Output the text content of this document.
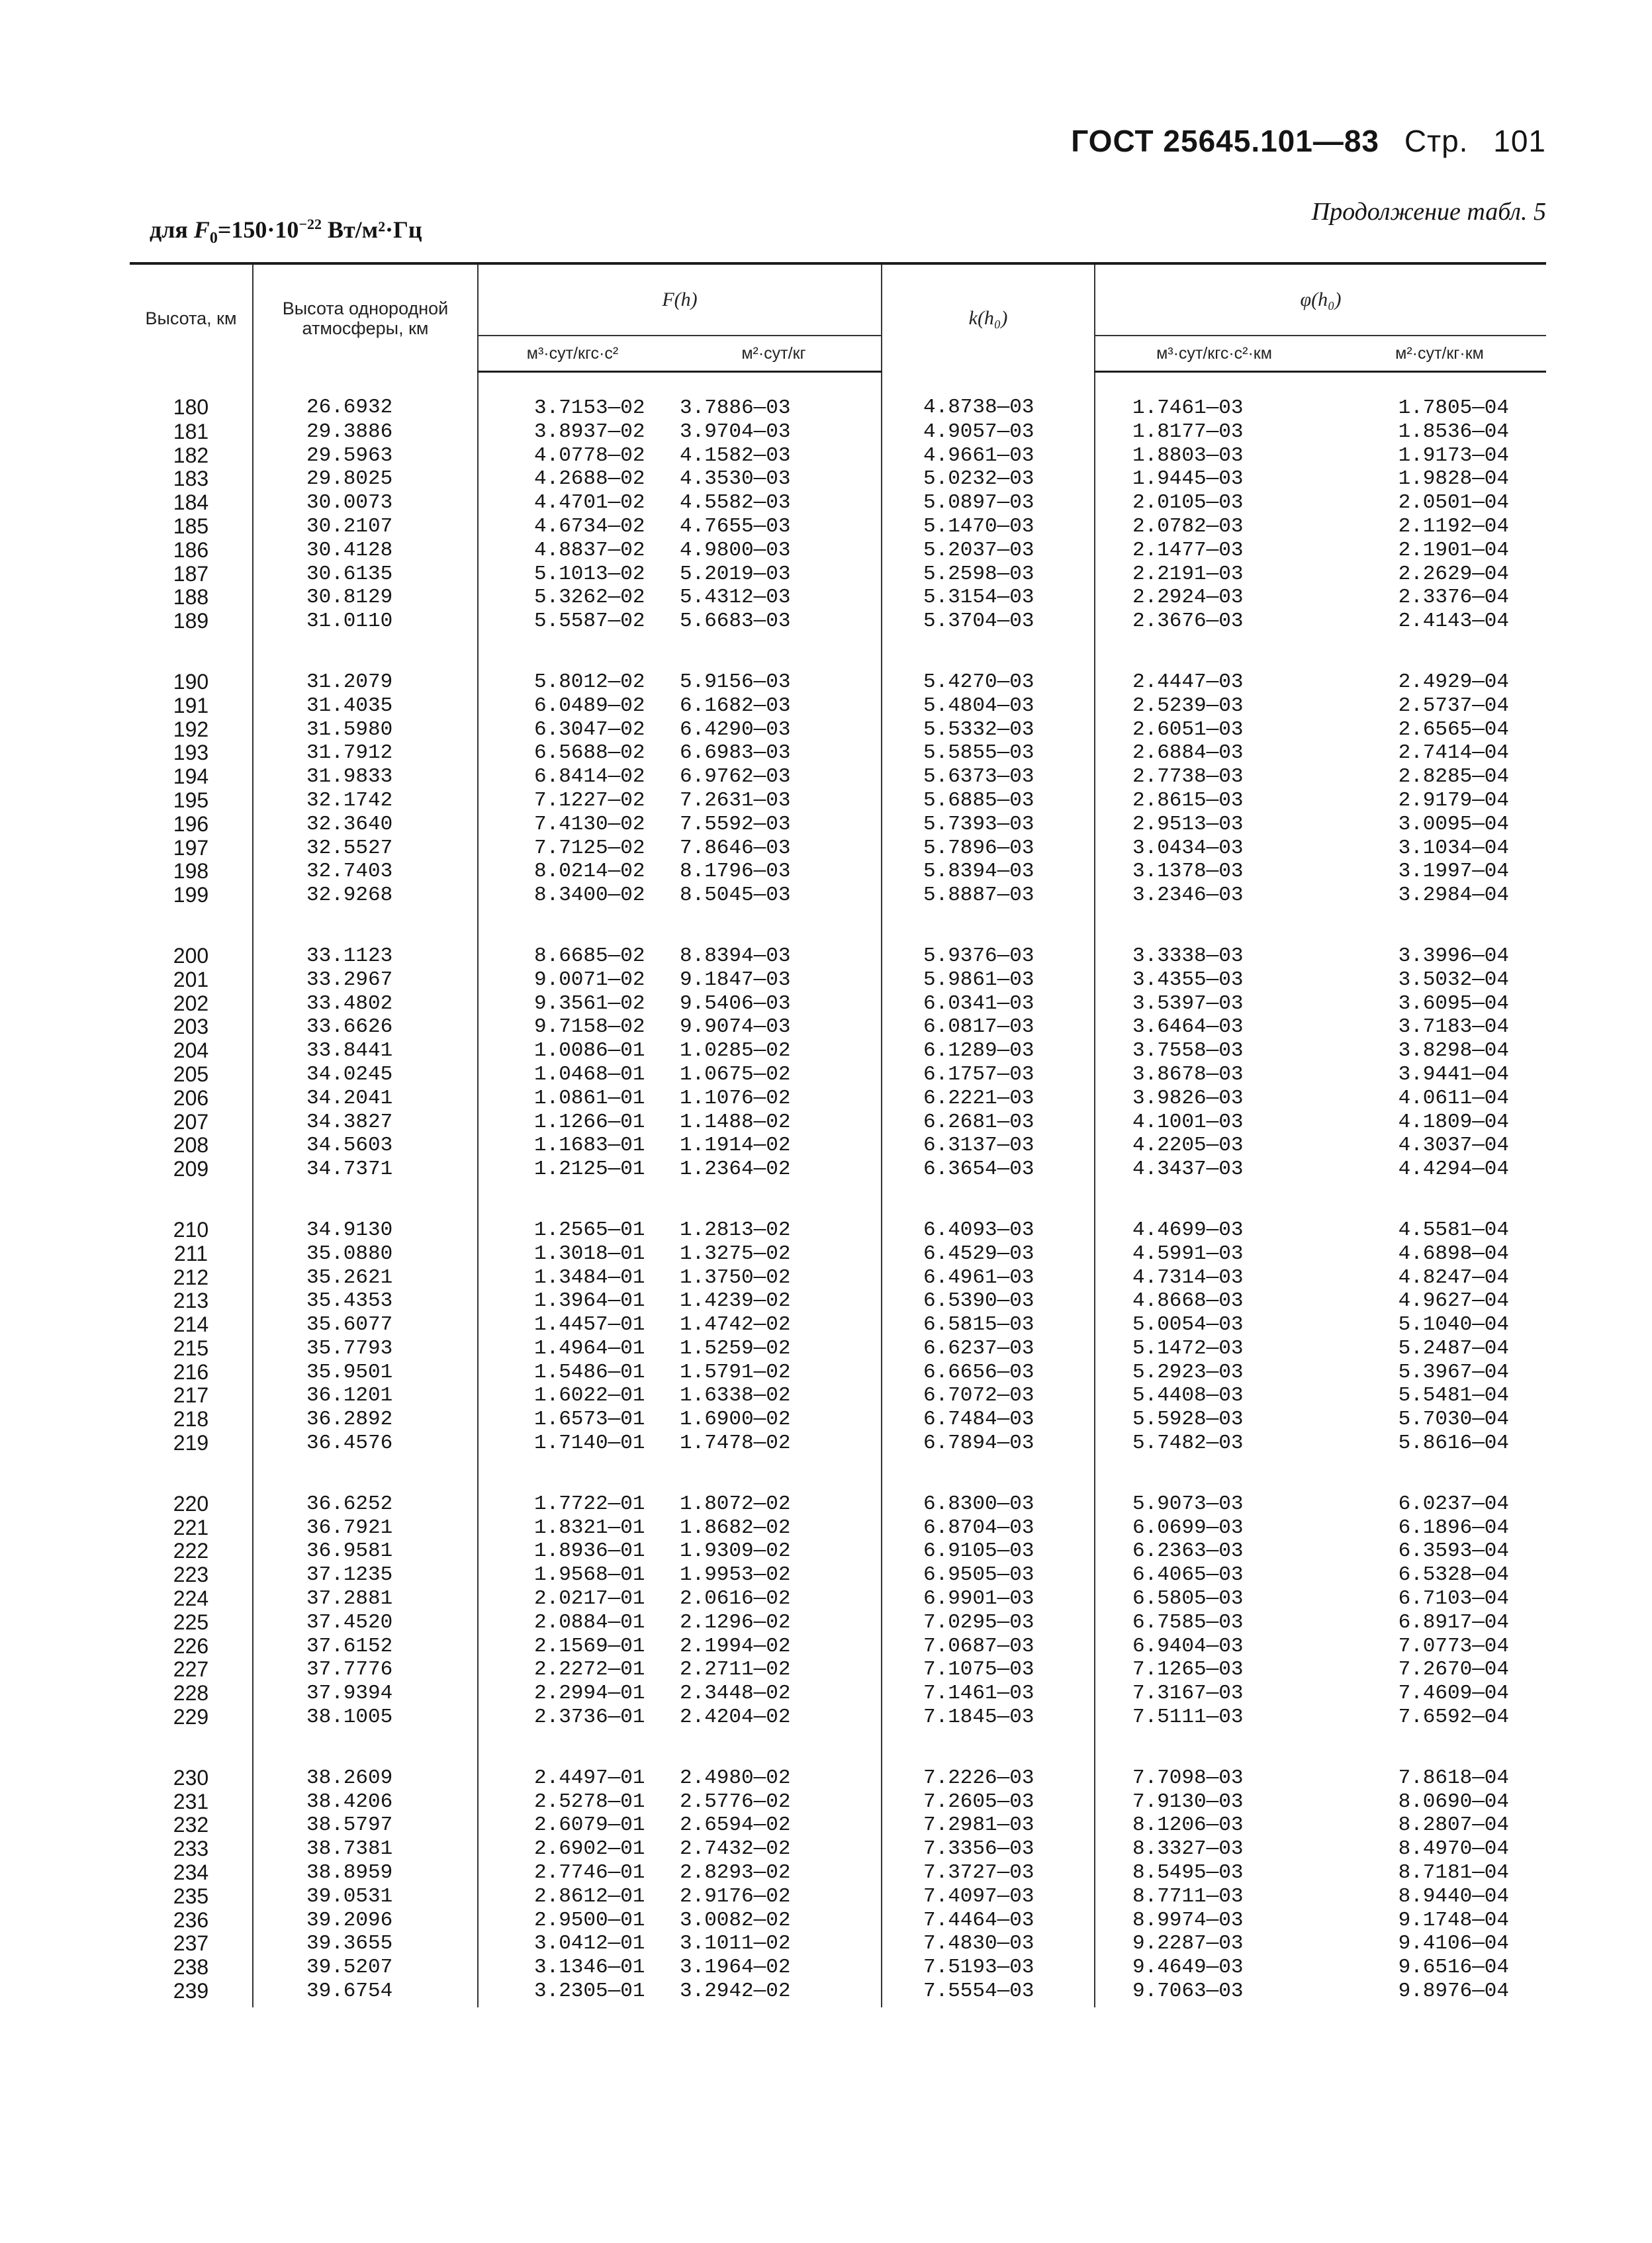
ГОСТ 25645.101—83 Стр. 101
для $F_0=150\cdot 10^{-22}$ Вт/м²·Гц
Продолжение табл. 5
Высота, км	Высота однородной атмосферы, км	F(h)		k(h₀)	φ(h₀)	
		м³·сут/кгс·с²	м²·сут/кг		м³·сут/кгс·с²·км	м²·сут/кг·км
180	26.6932	3.7153—02	3.7886—03	4.8738—03	1.7461—03	1.7805—04
181	29.3886	3.8937—02	3.9704—03	4.9057—03	1.8177—03	1.8536—04
182	29.5963	4.0778—02	4.1582—03	4.9661—03	1.8803—03	1.9173—04
183	29.8025	4.2688—02	4.3530—03	5.0232—03	1.9445—03	1.9828—04
184	30.0073	4.4701—02	4.5582—03	5.0897—03	2.0105—03	2.0501—04
185	30.2107	4.6734—02	4.7655—03	5.1470—03	2.0782—03	2.1192—04
186	30.4128	4.8837—02	4.9800—03	5.2037—03	2.1477—03	2.1901—04
187	30.6135	5.1013—02	5.2019—03	5.2598—03	2.2191—03	2.2629—04
188	30.8129	5.3262—02	5.4312—03	5.3154—03	2.2924—03	2.3376—04
189	31.0110	5.5587—02	5.6683—03	5.3704—03	2.3676—03	2.4143—04
190	31.2079	5.8012—02	5.9156—03	5.4270—03	2.4447—03	2.4929—04
191	31.4035	6.0489—02	6.1682—03	5.4804—03	2.5239—03	2.5737—04
192	31.5980	6.3047—02	6.4290—03	5.5332—03	2.6051—03	2.6565—04
193	31.7912	6.5688—02	6.6983—03	5.5855—03	2.6884—03	2.7414—04
194	31.9833	6.8414—02	6.9762—03	5.6373—03	2.7738—03	2.8285—04
195	32.1742	7.1227—02	7.2631—03	5.6885—03	2.8615—03	2.9179—04
196	32.3640	7.4130—02	7.5592—03	5.7393—03	2.9513—03	3.0095—04
197	32.5527	7.7125—02	7.8646—03	5.7896—03	3.0434—03	3.1034—04
198	32.7403	8.0214—02	8.1796—03	5.8394—03	3.1378—03	3.1997—04
199	32.9268	8.3400—02	8.5045—03	5.8887—03	3.2346—03	3.2984—04
200	33.1123	8.6685—02	8.8394—03	5.9376—03	3.3338—03	3.3996—04
201	33.2967	9.0071—02	9.1847—03	5.9861—03	3.4355—03	3.5032—04
202	33.4802	9.3561—02	9.5406—03	6.0341—03	3.5397—03	3.6095—04
203	33.6626	9.7158—02	9.9074—03	6.0817—03	3.6464—03	3.7183—04
204	33.8441	1.0086—01	1.0285—02	6.1289—03	3.7558—03	3.8298—04
205	34.0245	1.0468—01	1.0675—02	6.1757—03	3.8678—03	3.9441—04
206	34.2041	1.0861—01	1.1076—02	6.2221—03	3.9826—03	4.0611—04
207	34.3827	1.1266—01	1.1488—02	6.2681—03	4.1001—03	4.1809—04
208	34.5603	1.1683—01	1.1914—02	6.3137—03	4.2205—03	4.3037—04
209	34.7371	1.2125—01	1.2364—02	6.3654—03	4.3437—03	4.4294—04
210	34.9130	1.2565—01	1.2813—02	6.4093—03	4.4699—03	4.5581—04
211	35.0880	1.3018—01	1.3275—02	6.4529—03	4.5991—03	4.6898—04
212	35.2621	1.3484—01	1.3750—02	6.4961—03	4.7314—03	4.8247—04
213	35.4353	1.3964—01	1.4239—02	6.5390—03	4.8668—03	4.9627—04
214	35.6077	1.4457—01	1.4742—02	6.5815—03	5.0054—03	5.1040—04
215	35.7793	1.4964—01	1.5259—02	6.6237—03	5.1472—03	5.2487—04
216	35.9501	1.5486—01	1.5791—02	6.6656—03	5.2923—03	5.3967—04
217	36.1201	1.6022—01	1.6338—02	6.7072—03	5.4408—03	5.5481—04
218	36.2892	1.6573—01	1.6900—02	6.7484—03	5.5928—03	5.7030—04
219	36.4576	1.7140—01	1.7478—02	6.7894—03	5.7482—03	5.8616—04
220	36.6252	1.7722—01	1.8072—02	6.8300—03	5.9073—03	6.0237—04
221	36.7921	1.8321—01	1.8682—02	6.8704—03	6.0699—03	6.1896—04
222	36.9581	1.8936—01	1.9309—02	6.9105—03	6.2363—03	6.3593—04
223	37.1235	1.9568—01	1.9953—02	6.9505—03	6.4065—03	6.5328—04
224	37.2881	2.0217—01	2.0616—02	6.9901—03	6.5805—03	6.7103—04
225	37.4520	2.0884—01	2.1296—02	7.0295—03	6.7585—03	6.8917—04
226	37.6152	2.1569—01	2.1994—02	7.0687—03	6.9404—03	7.0773—04
227	37.7776	2.2272—01	2.2711—02	7.1075—03	7.1265—03	7.2670—04
228	37.9394	2.2994—01	2.3448—02	7.1461—03	7.3167—03	7.4609—04
229	38.1005	2.3736—01	2.4204—02	7.1845—03	7.5111—03	7.6592—04
230	38.2609	2.4497—01	2.4980—02	7.2226—03	7.7098—03	7.8618—04
231	38.4206	2.5278—01	2.5776—02	7.2605—03	7.9130—03	8.0690—04
232	38.5797	2.6079—01	2.6594—02	7.2981—03	8.1206—03	8.2807—04
233	38.7381	2.6902—01	2.7432—02	7.3356—03	8.3327—03	8.4970—04
234	38.8959	2.7746—01	2.8293—02	7.3727—03	8.5495—03	8.7181—04
235	39.0531	2.8612—01	2.9176—02	7.4097—03	8.7711—03	8.9440—04
236	39.2096	2.9500—01	3.0082—02	7.4464—03	8.9974—03	9.1748—04
237	39.3655	3.0412—01	3.1011—02	7.4830—03	9.2287—03	9.4106—04
238	39.5207	3.1346—01	3.1964—02	7.5193—03	9.4649—03	9.6516—04
239	39.6754	3.2305—01	3.2942—02	7.5554—03	9.7063—03	9.8976—04
